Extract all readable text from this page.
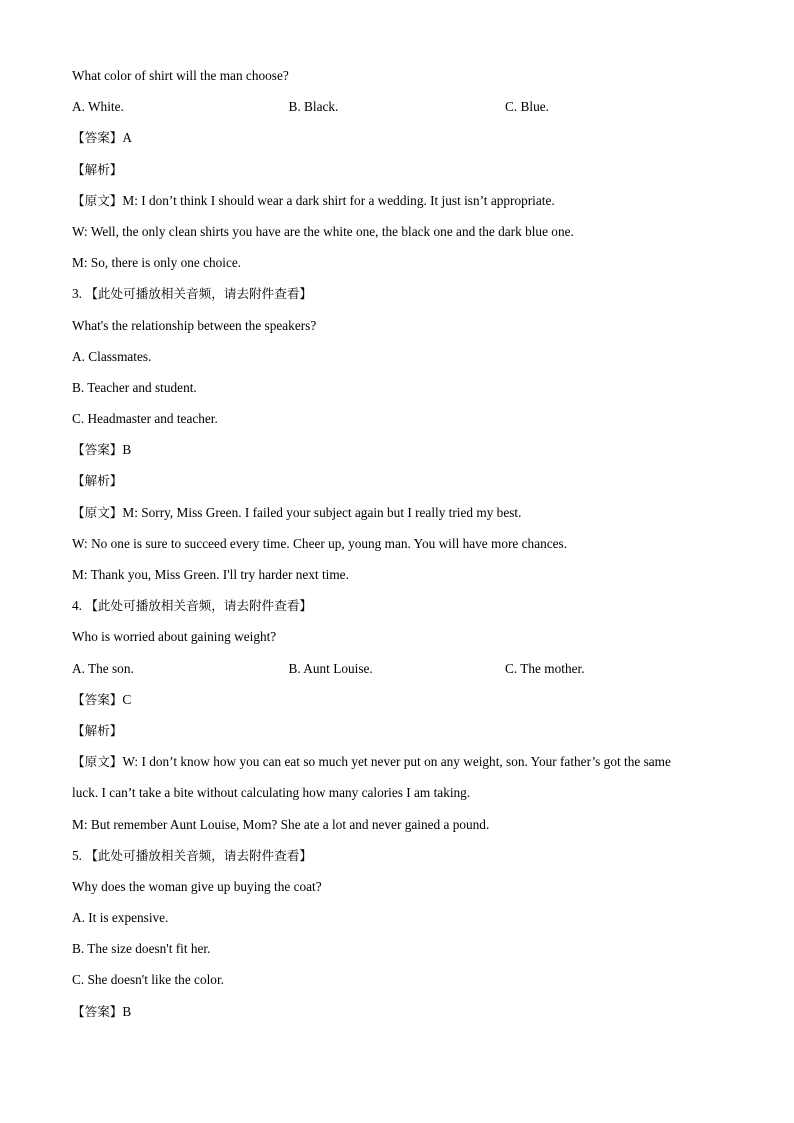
What color of shirt will the man choose?
A. White.	B. Black.	C. Blue.
【答案】A
【解析】
【原文】M: I don’t think I should wear a dark shirt for a wedding. It just isn’t appropriate.
W: Well, the only clean shirts you have are the white one, the black one and the dark blue one.
M: So, there is only one choice.
3. 【此处可播放相关音频，请去附件查看】
What's the relationship between the speakers?
A. Classmates.
B. Teacher and student.
C. Headmaster and teacher.
【答案】B
【解析】
【原文】M: Sorry, Miss Green. I failed your subject again but I really tried my best.
W: No one is sure to succeed every time. Cheer up, young man. You will have more chances.
M: Thank you, Miss Green. I'll try harder next time.
4. 【此处可播放相关音频，请去附件查看】
Who is worried about gaining weight?
A. The son.	B. Aunt Louise.	C. The mother.
【答案】C
【解析】
【原文】W: I don’t know how you can eat so much yet never put on any weight, son. Your father’s got the same
luck. I can’t take a bite without calculating how many calories I am taking.
M: But remember Aunt Louise, Mom? She ate a lot and never gained a pound.
5. 【此处可播放相关音频，请去附件查看】
Why does the woman give up buying the coat?
A. It is expensive.
B. The size doesn't fit her.
C. She doesn't like the color.
【答案】B
